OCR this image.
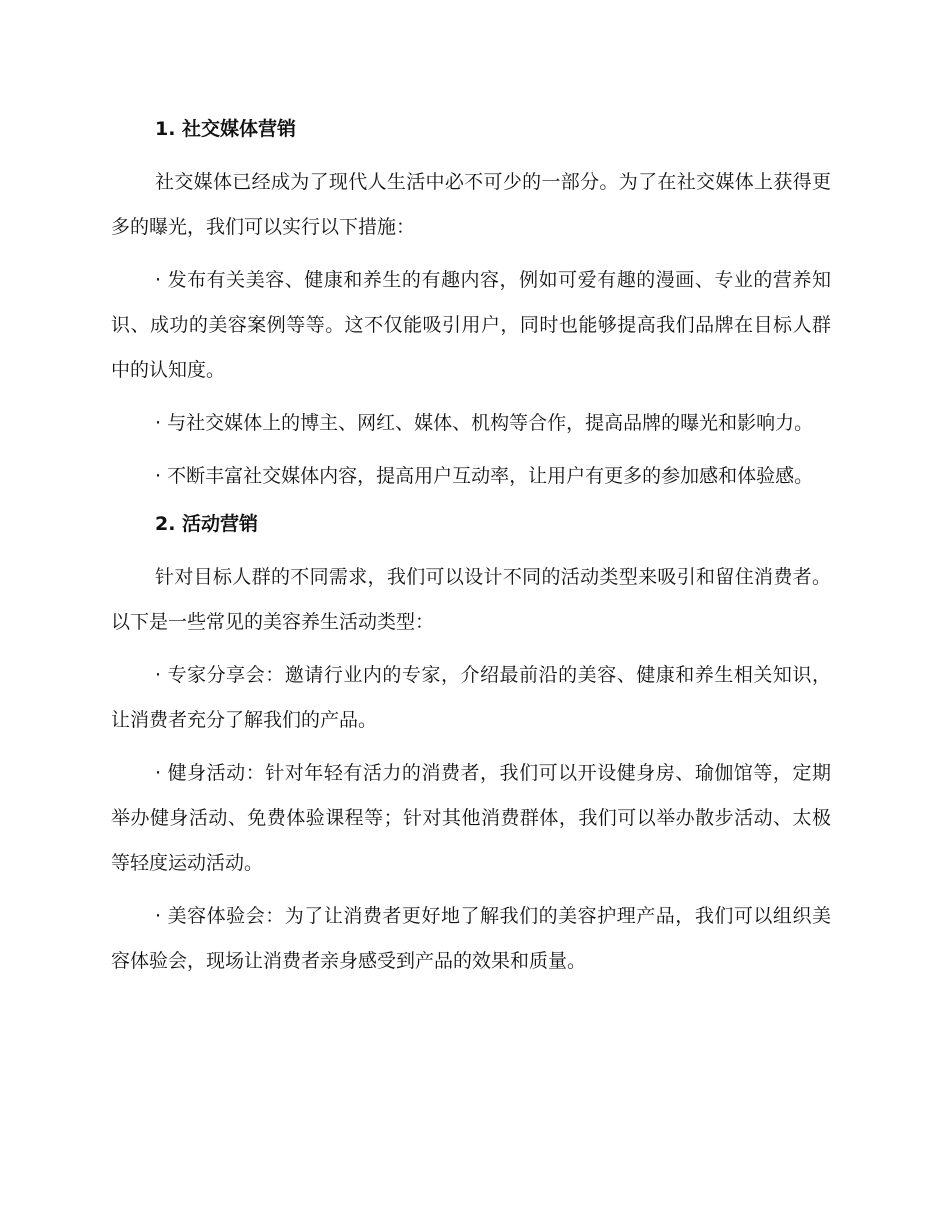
1. 社交媒体营销

社交媒体已经成为了现代人生活中必不可少的一部分。为了在社交媒体上获得更多的曝光，我们可以实行以下措施：

· 发布有关美容、健康和养生的有趣内容，例如可爱有趣的漫画、专业的营养知识、成功的美容案例等等。这不仅能吸引用户，同时也能够提高我们品牌在目标人群中的认知度。

· 与社交媒体上的博主、网红、媒体、机构等合作，提高品牌的曝光和影响力。

· 不断丰富社交媒体内容，提高用户互动率，让用户有更多的参加感和体验感。

2. 活动营销

针对目标人群的不同需求，我们可以设计不同的活动类型来吸引和留住消费者。以下是一些常见的美容养生活动类型：

· 专家分享会：邀请行业内的专家，介绍最前沿的美容、健康和养生相关知识，让消费者充分了解我们的产品。

· 健身活动：针对年轻有活力的消费者，我们可以开设健身房、瑜伽馆等，定期举办健身活动、免费体验课程等；针对其他消费群体，我们可以举办散步活动、太极等轻度运动活动。

· 美容体验会：为了让消费者更好地了解我们的美容护理产品，我们可以组织美容体验会，现场让消费者亲身感受到产品的效果和质量。
